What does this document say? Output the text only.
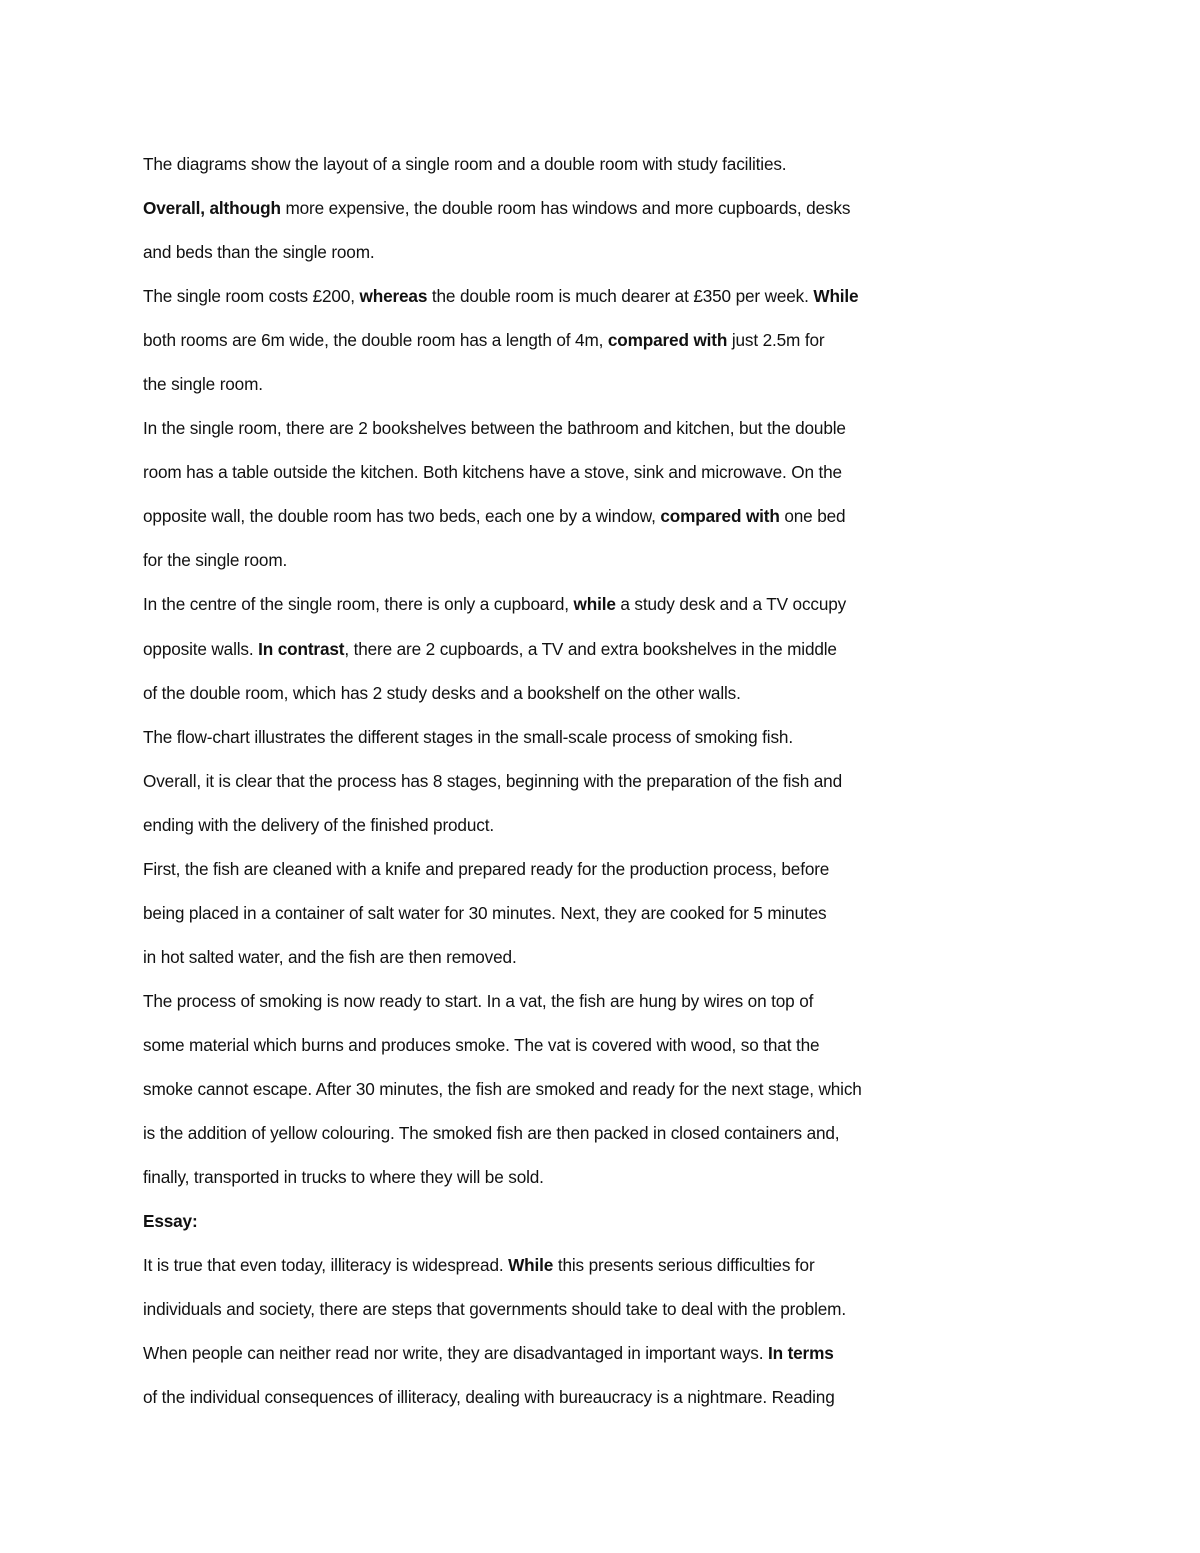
The diagrams show the layout of a single room and a double room with study facilities.
Overall, although more expensive, the double room has windows and more cupboards, desks
and beds than the single room.
The single room costs £200, whereas the double room is much dearer at £350 per week. While
both rooms are 6m wide, the double room has a length of 4m, compared with just 2.5m for
the single room.
In the single room, there are 2 bookshelves between the bathroom and kitchen, but the double
room has a table outside the kitchen. Both kitchens have a stove, sink and microwave. On the
opposite wall, the double room has two beds, each one by a window, compared with one bed
for the single room.
In the centre of the single room, there is only a cupboard, while a study desk and a TV occupy
opposite walls. In contrast, there are 2 cupboards, a TV and extra bookshelves in the middle
of the double room, which has 2 study desks and a bookshelf on the other walls.
The flow-chart illustrates the different stages in the small-scale process of smoking fish.
Overall, it is clear that the process has 8 stages, beginning with the preparation of the fish and
ending with the delivery of the finished product.
First, the fish are cleaned with a knife and prepared ready for the production process, before
being placed in a container of salt water for 30 minutes. Next, they are cooked for 5 minutes
in hot salted water, and the fish are then removed.
The process of smoking is now ready to start. In a vat, the fish are hung by wires on top of
some material which burns and produces smoke. The vat is covered with wood, so that the
smoke cannot escape. After 30 minutes, the fish are smoked and ready for the next stage, which
is the addition of yellow colouring. The smoked fish are then packed in closed containers and,
finally, transported in trucks to where they will be sold.
Essay:
It is true that even today, illiteracy is widespread. While this presents serious difficulties for
individuals and society, there are steps that governments should take to deal with the problem.
When people can neither read nor write, they are disadvantaged in important ways. In terms
of the individual consequences of illiteracy, dealing with bureaucracy is a nightmare. Reading
